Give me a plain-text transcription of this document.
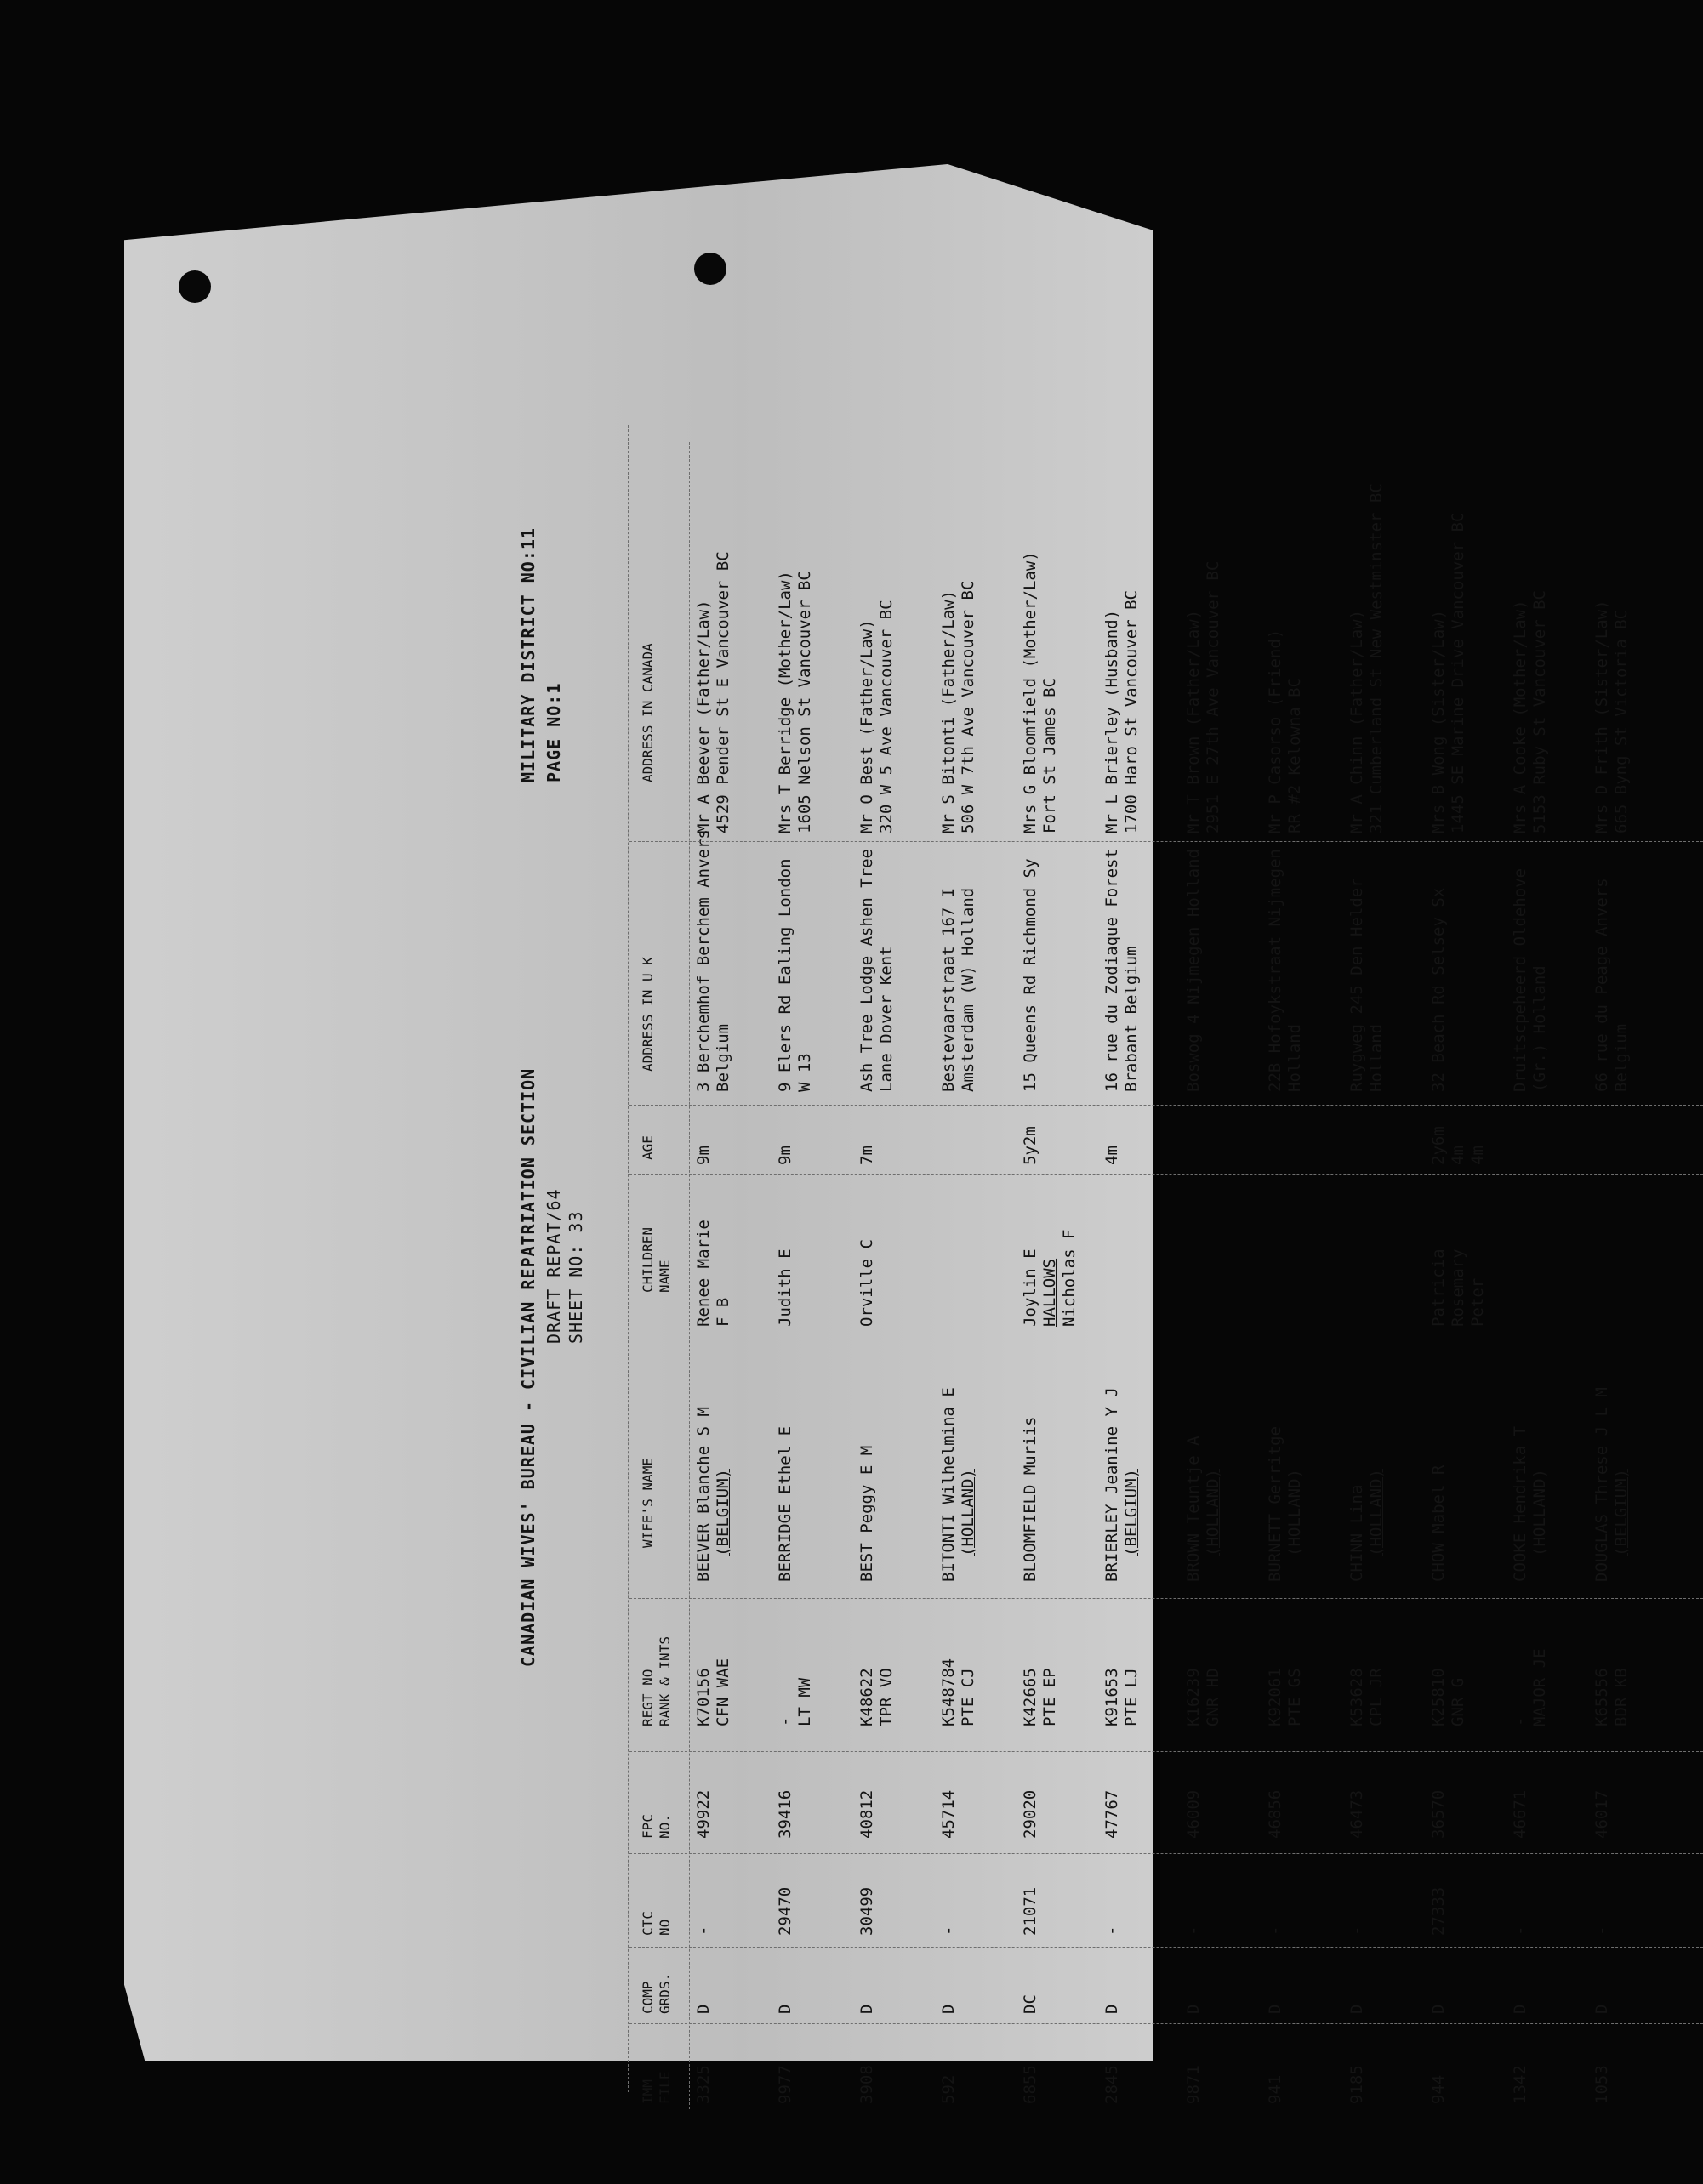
CANADIAN WIVES' BUREAU - CIVILIAN REPATRIATION SECTION DRAFT REPAT/64 SHEET NO: 33
MILITARY DISTRICT NO:11 PAGE NO:1
IMM FILE
COMP GRDS.
CTC NO
FPC NO.
REGT NO RANK & INTS
WIFE'S NAME
CHILDREN NAME
AGE
ADDRESS IN U K
ADDRESS IN CANADA
3325
D
-
49922
K70156 CFN WAE
BEEVER Blanche S M (BELGIUM)
Renee Marie F B
9m
3 Berchemhof Berchem Anvers Belgium
Mr A Beever (Father/Law) 4529 Pender St E Vancouver BC
9977
D
29470
39416
- LT MW
BERRIDGE Ethel E
Judith E
9m
9 Elers Rd Ealing London W 13
Mrs T Berridge (Mother/Law) 1605 Nelson St Vancouver BC
3908
D
30499
40812
K48622 TPR VO
BEST Peggy E M
Orville C
7m
Ash Tree Lodge Ashen Tree Lane Dover Kent
Mr O Best (Father/Law) 320 W 5 Ave Vancouver BC
592
D
-
45714
K548784 PTE CJ
BITONTI Wilhelmina E (HOLLAND)
Bestevaarstraat 167 I Amsterdam (W) Holland
Mr S Bitonti (Father/Law) 506 W 7th Ave Vancouver BC
6855
DC
21071
29020
K42665 PTE EP
BLOOMFIELD Muriis
Joylin E HALLOWS Nicholas F
5y2m
15 Queens Rd Richmond Sy
Mrs G Bloomfield (Mother/Law) Fort St James BC
2845
D
-
47767
K91653 PTE LJ
BRIERLEY Jeanine Y J (BELGIUM)
4m
16 rue du Zodiaque Forest Brabant Belgium
Mr L Brierley (Husband) 1700 Haro St Vancouver BC
9871
D
-
46009
K16239 GNR HD
BROWN Teuntje A (HOLLAND)
Boswog 4 Nijmegen Holland
Mr T Brown (Father/Law) 2951 E 27th Ave Vancouver BC
941
D
-
46856
K92061 PTE GS
BURNETT Gerritge (HOLLAND)
22B Hofoykstraat Nijmegen Holland
Mr P Casorso (Friend) RR #2 Kelowna BC
9185
D
-
46473
K53628 CPL JR
CHINN Lina (HOLLAND)
Ruygweg 245 Den Helder Holland
Mr A Chinn (Father/Law) 321 Cumberland St New Westminster BC
944
D
27333
36570
K25810 GNR G
CHOW Mabel R
Patricia Rosemary Peter
2y6m 4m 4m
32 Beach Rd Selsey Sx
Mrs B Wong (Sister/Law) 1445 SE Marine Drive Vancouver BC
1342
D
-
46671
- MAJOR JE
COOKE Hendrika T (HOLLAND)
Druitscpeheerd Oldehove (Gr.) Holland
Mrs A Cooke (Mother/Law) 5153 Ruby St Vancouver BC
1053
D
-
46017
K65556 BDR KB
DOUGLAS Threse J L M (BELGIUM)
66 rue du Peage Anvers Belgium
Mrs D Frith (Sister/Law) 665 Byng St Victoria BC
